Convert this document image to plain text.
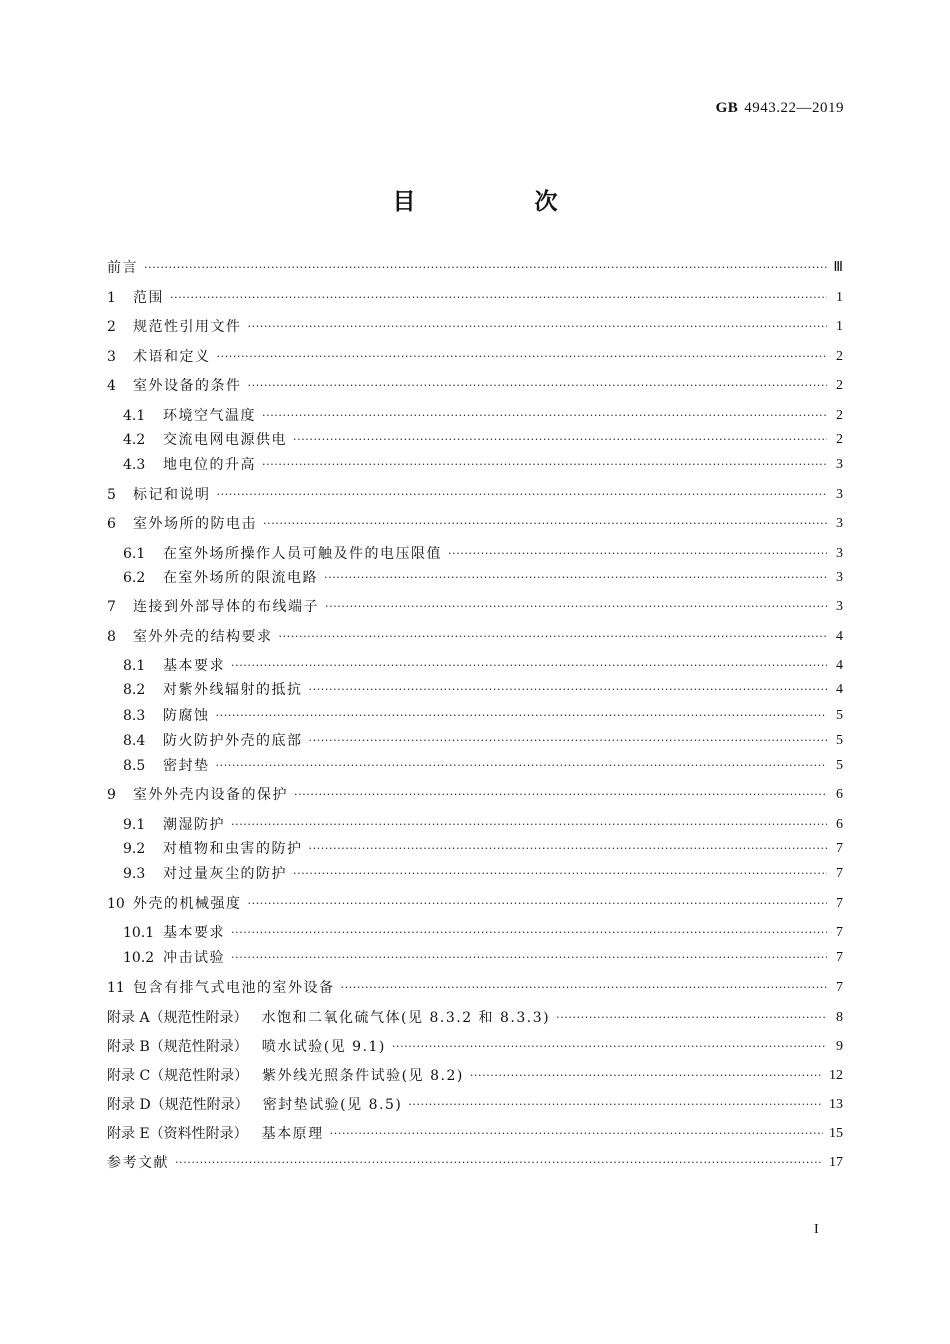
GB 4943.22—2019
目　次
前言 ·····	Ⅲ
1	范围 ·····	1
2	规范性引用文件 ·····	1
3	术语和定义 ·····	2
4	室外设备的条件 ·····	2
4.1	环境空气温度 ·····	2
4.2	交流电网电源供电 ·····	2
4.3	地电位的升高 ·····	3
5	标记和说明 ·····	3
6	室外场所的防电击 ·····	3
6.1	在室外场所操作人员可触及件的电压限值 ·····	3
6.2	在室外场所的限流电路 ·····	3
7	连接到外部导体的布线端子 ·····	3
8	室外外壳的结构要求 ·····	4
8.1	基本要求 ·····	4
8.2	对紫外线辐射的抵抗 ·····	4
8.3	防腐蚀 ·····	5
8.4	防火防护外壳的底部 ·····	5
8.5	密封垫 ·····	5
9	室外外壳内设备的保护 ·····	6
9.1	潮湿防护 ·····	6
9.2	对植物和虫害的防护 ·····	7
9.3	对过量灰尘的防护 ·····	7
10 外壳的机械强度 ·····	7
10.1 基本要求 ·····	7
10.2 冲击试验 ·····	7
11 包含有排气式电池的室外设备 ·····	7
附录 A（规范性附录） 水饱和二氧化硫气体(见 8.3.2 和 8.3.3) ·····	8
附录 B（规范性附录） 喷水试验(见 9.1) ·····	9
附录 C（规范性附录） 紫外线光照条件试验(见 8.2) ·····	12
附录 D（规范性附录） 密封垫试验(见 8.5) ·····	13
附录 E（资料性附录） 基本原理 ·····	15
参考文献 ·····	17
I
